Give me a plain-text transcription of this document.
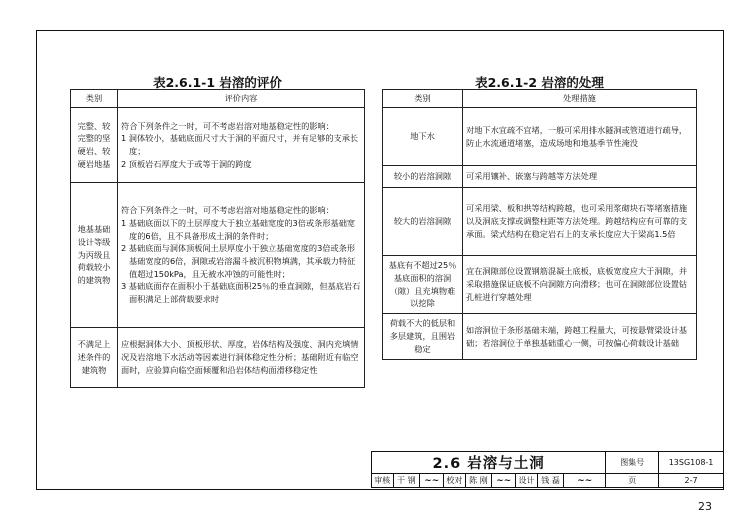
表2.6.1-1 岩溶的评价
类别	评价内容
完整、较完整的坚硬岩、较硬岩地基	符合下列条件之一时，可不考虑岩溶对地基稳定性的影响：
1 洞体较小，基础底面尺寸大于洞的平面尺寸，并有足够的支承长度；
2 顶板岩石厚度大于或等于洞的跨度

地基基础设计等级为丙级且荷载较小的建筑物	符合下列条件之一时，可不考虑岩溶对地基稳定性的影响：
1 基础底面以下的土层厚度大于独立基础宽度的3倍或条形基础宽度的6倍，且不具备形成土洞的条件时；
2 基础底面与洞体顶板间土层厚度小于独立基础宽度的3倍或条形基础宽度的6倍，洞隙或岩溶漏斗被沉积物填满，其承载力特征值超过150kPa，且无被水冲蚀的可能性时；
3 基础底面存在面积小于基础底面积25％的垂直洞隙，但基底岩石面积满足上部荷载要求时

不满足上述条件的建筑物	应根据洞体大小、顶板形状、厚度，岩体结构及强度、洞内充填情况及岩溶地下水活动等因素进行洞体稳定性分析；基础附近有临空面时，应验算向临空面倾覆和沿岩体结构面滑移稳定性
表2.6.1-2 岩溶的处理
类别	处理措施
地下水	对地下水宜疏不宜堵，一般可采用排水隧洞或管道进行疏导，防止水流通道堵塞，造成场地和地基季节性淹没
较小的岩溶洞隙	可采用镶补、嵌塞与跨越等方法处理
较大的岩溶洞隙	可采用梁、板和拱等结构跨越，也可采用浆砌块石等堵塞措施以及洞底支撑或调整柱距等方法处理。跨越结构应有可靠的支承面。梁式结构在稳定岩石上的支承长度应大于梁高1.5倍
基底有不超过25％基底面积的溶洞（隙）且充填物难以挖除	宜在洞隙部位设置钢筋混凝土底板，底板宽度应大于洞隙，并采取措施保证底板不向洞隙方向滑移；也可在洞隙部位设置钻孔桩进行穿越处理
荷载不大的低层和多层建筑，且围岩稳定	如溶洞位于条形基础末端，跨越工程量大，可按悬臂梁设计基础；若溶洞位于单独基础重心一侧，可按偏心荷载设计基础
2.6 岩溶与土洞									图集号	13SG108-1
审核	干 钢	~~	校对	陈 刚	~~	设计	钱 磊	~~	页	2-7
23
